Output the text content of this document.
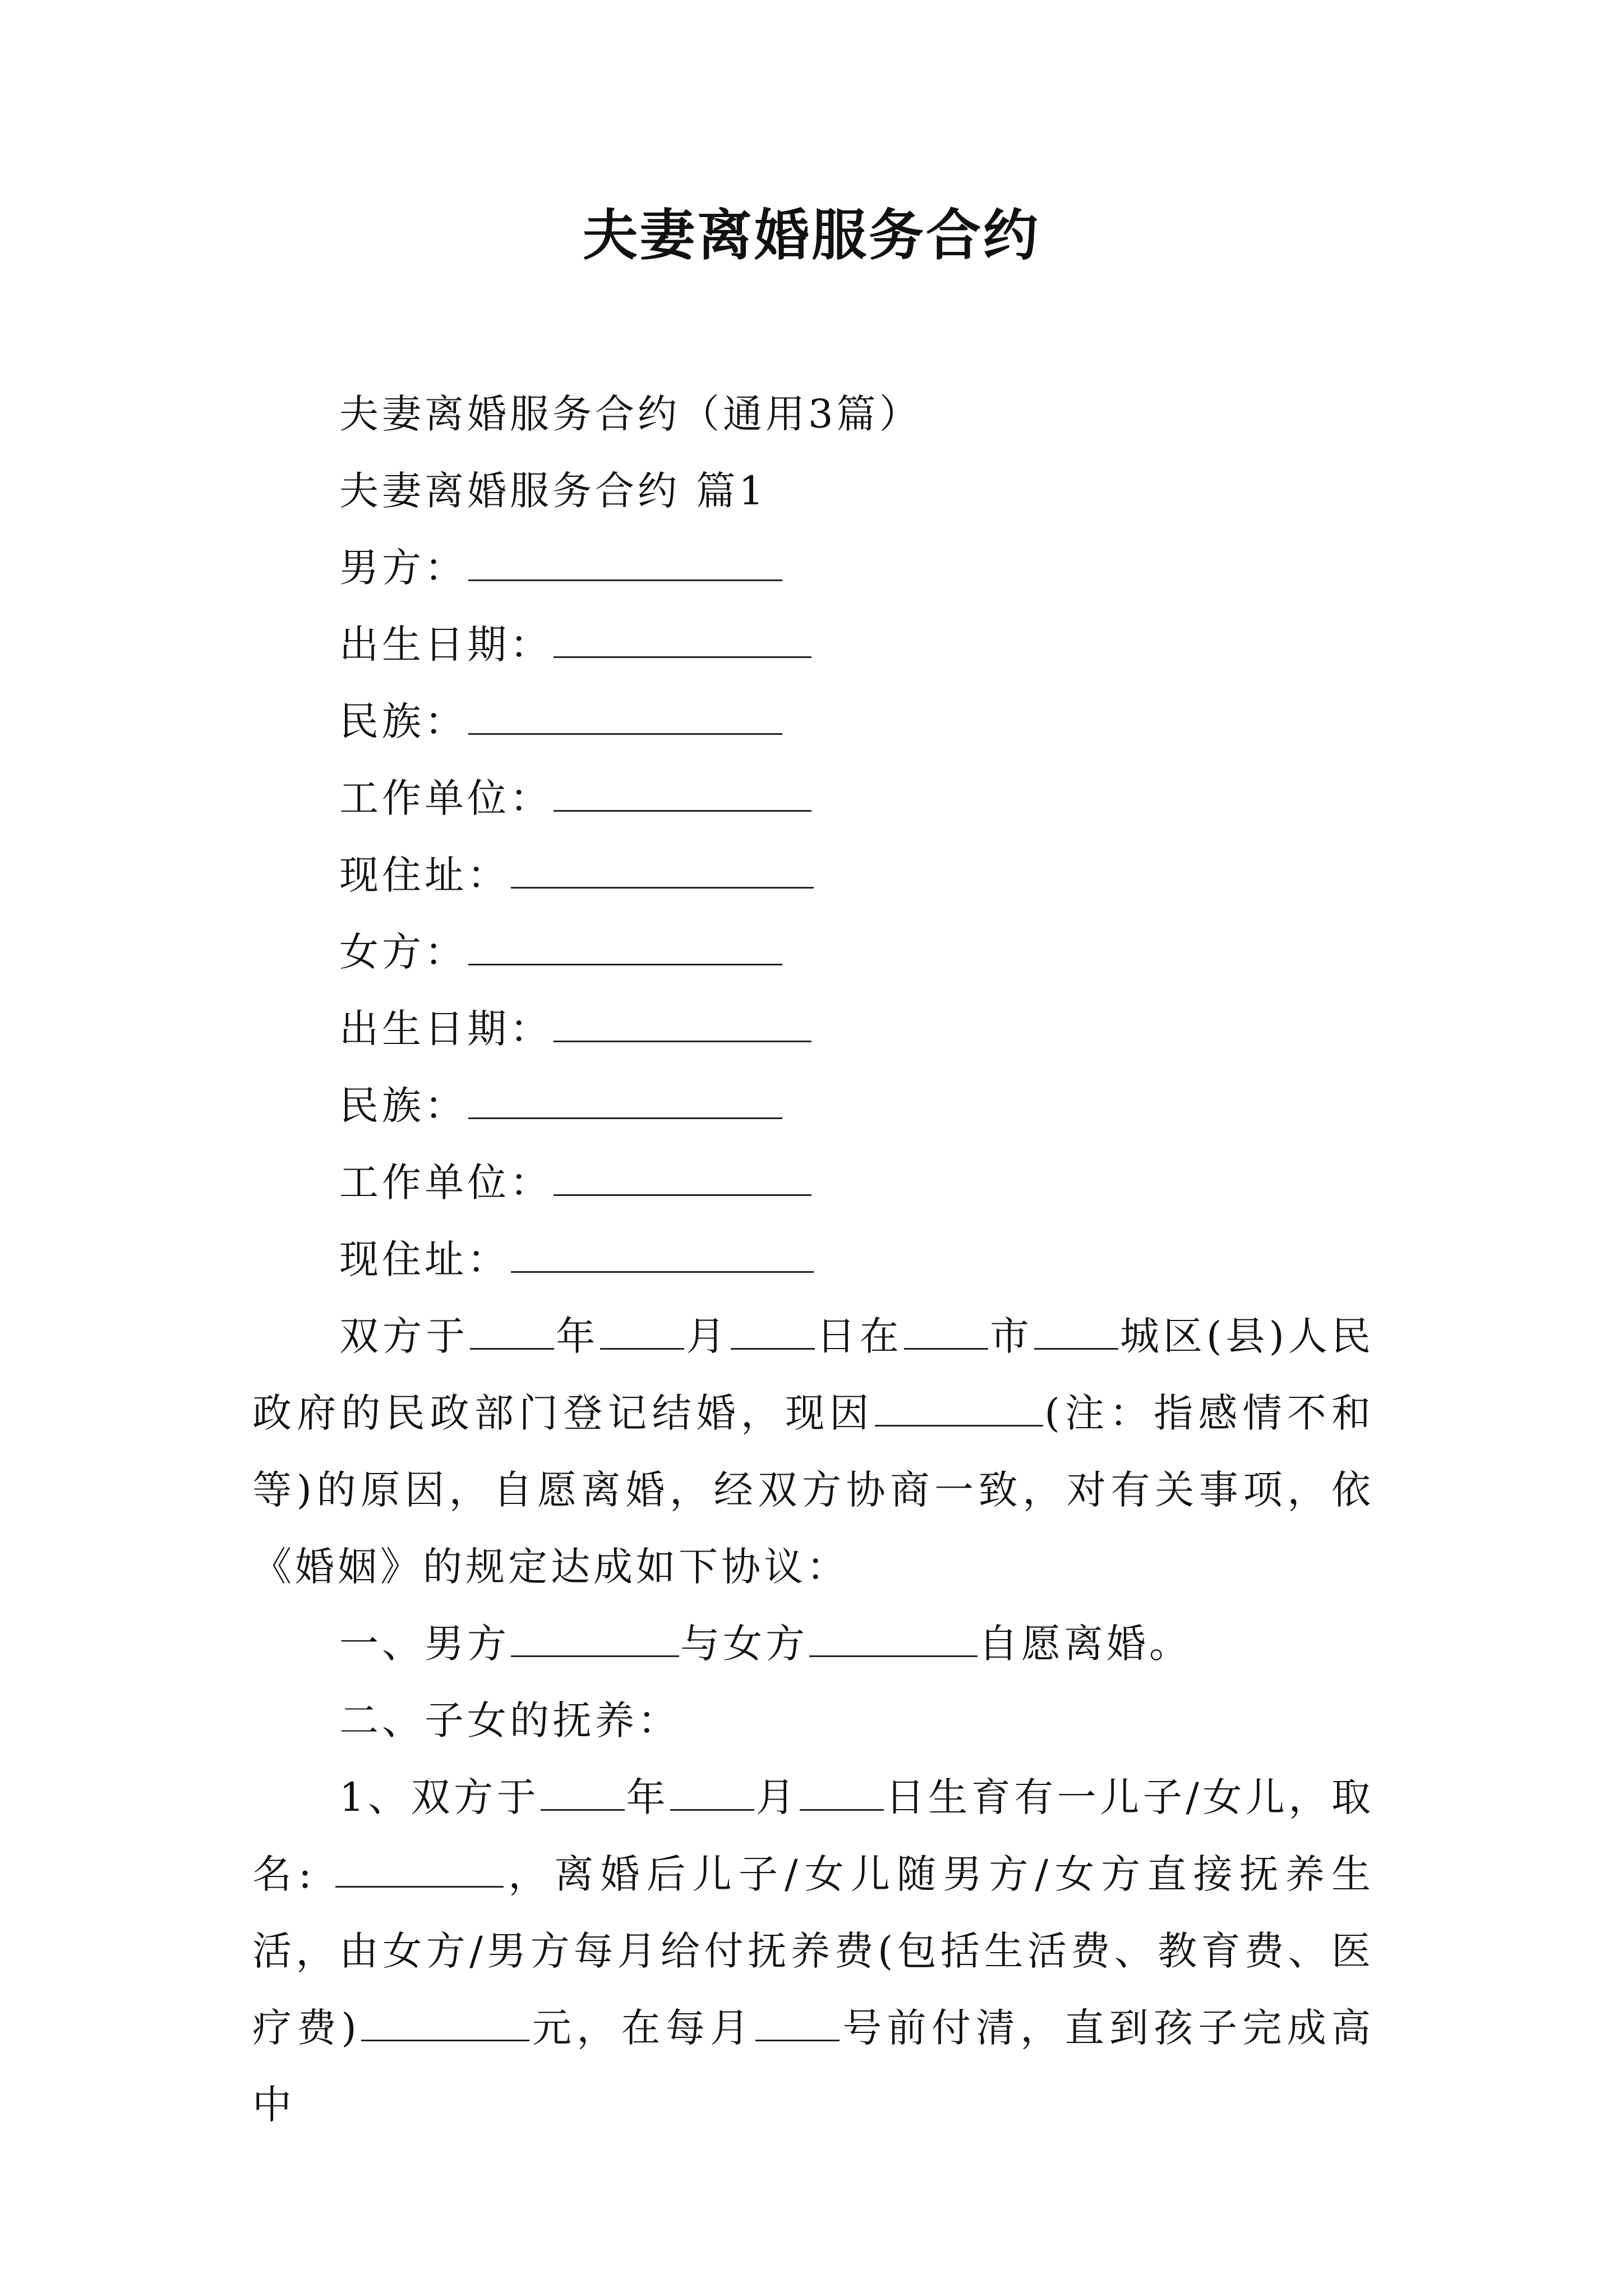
夫妻离婚服务合约
夫妻离婚服务合约（通用3篇）
夫妻离婚服务合约 篇1
男方：
出生日期：
民族：
工作单位：
现住址：
女方：
出生日期：
民族：
工作单位：
现住址：
双方于 年 月 日在 市 城区(县)人民政府的民政部门登记结婚，现因	(注：指感情不和等)的原因，自愿离婚，经双方协商一致，对有关事项，依《婚姻》的规定达成如下协议：
一、男方	与女方	自愿离婚。
二、子女的抚养：
1、双方于 年 月 日生育有一儿子/女儿，取名:	，离婚后儿子/女儿随男方/女方直接抚养生活，由女方/男方每月给付抚养费(包括生活费、教育费、医疗费)	元，在每月 号前付清，直到孩子完成高中
